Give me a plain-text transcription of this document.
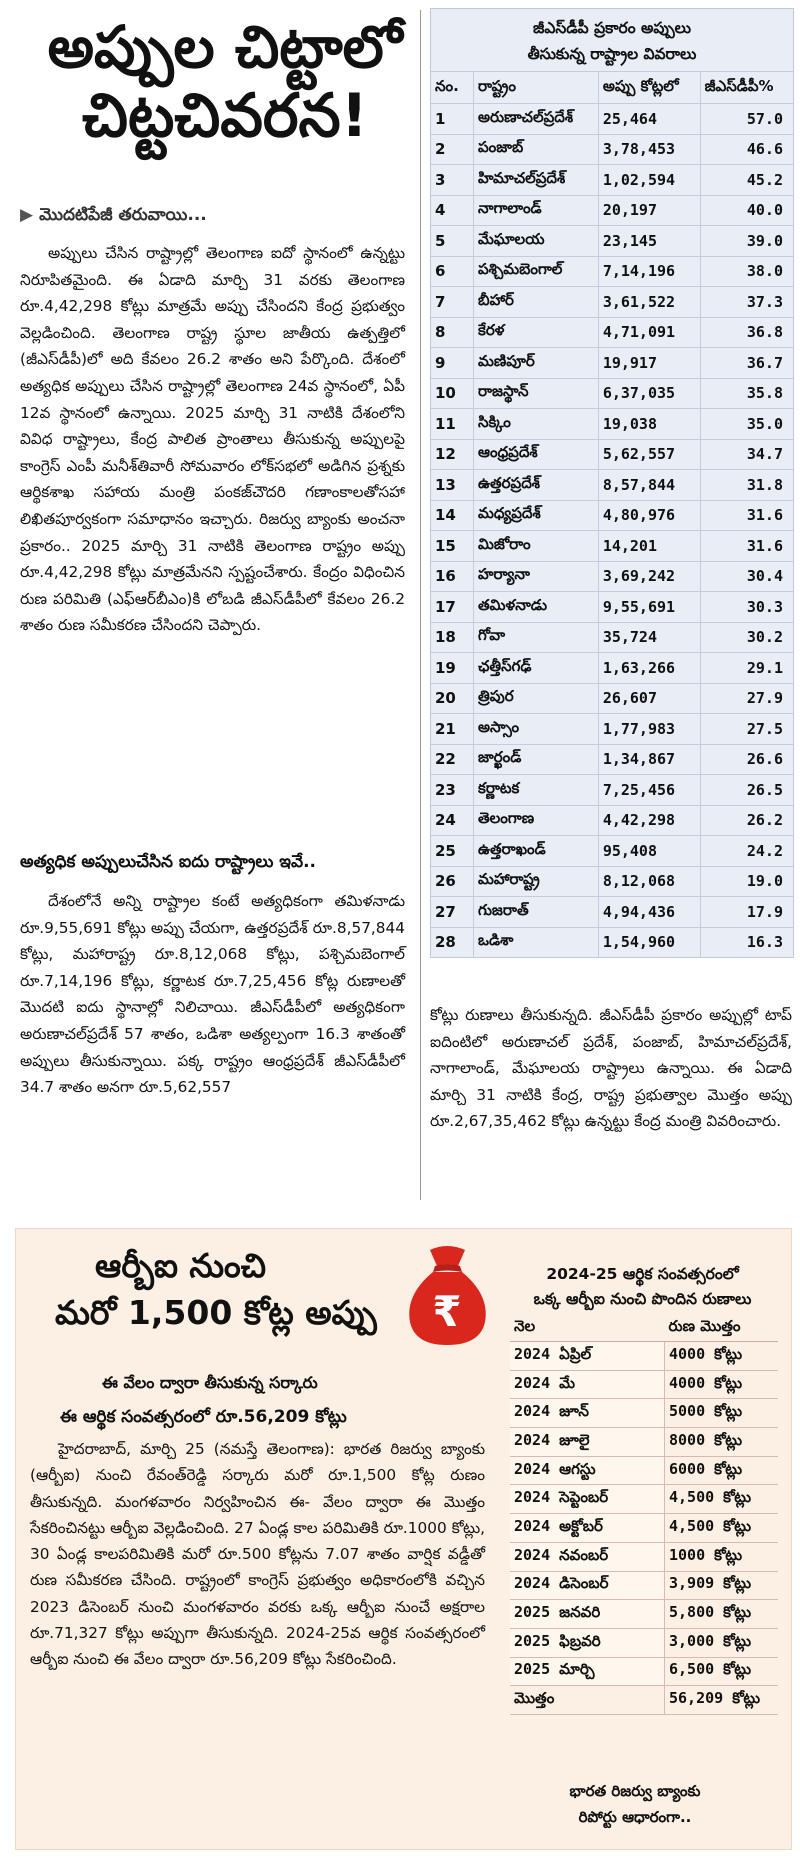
అప్పుల చిట్టాలో
చిట్టచివరన!
▶ మొదటిపేజీ తరువాయి...

అప్పులు చేసిన రాష్ట్రాల్లో తెలంగాణ ఐదో స్థానంలో ఉన్నట్టు నిరూపితమైంది. ఈ ఏడాది మార్చి 31 వరకు తెలంగాణ రూ.4,42,298 కోట్లు మాత్రమే అప్పు చేసిందని కేంద్ర ప్రభుత్వం వెల్లడించింది. తెలంగాణ రాష్ట్ర స్థూల జాతీయ ఉత్పత్తిలో (జీఎస్‌డీపీ)లో అది కేవలం 26.2 శాతం అని పేర్కొంది. దేశంలో అత్యధిక అప్పులు చేసిన రాష్ట్రాల్లో తెలంగాణ 24వ స్థానంలో, ఏపీ 12వ స్థానంలో ఉన్నాయి. 2025 మార్చి 31 నాటికి దేశంలోని వివిధ రాష్ట్రాలు, కేంద్ర పాలిత ప్రాంతాలు తీసుకున్న అప్పులపై కాంగ్రెస్ ఎంపీ మనీశ్‌తివారీ సోమవారం లోక్‌సభలో అడిగిన ప్రశ్నకు ఆర్థికశాఖ సహాయ మంత్రి పంకజ్‌చౌదరి గణాంకాలతోసహా లిఖితపూర్వకంగా సమాధానం ఇచ్చారు. రిజర్వు బ్యాంకు అంచనా ప్రకారం.. 2025 మార్చి 31 నాటికి తెలంగాణ రాష్ట్రం అప్పు రూ.4,42,298 కోట్లు మాత్రమేనని స్పష్టంచేశారు. కేంద్రం విధించిన రుణ పరిమితి (ఎఫ్ఆర్‌బీఎం)కి లోబడి జీఎస్‌డీపీలో కేవలం 26.2 శాతం రుణ సమీకరణ చేసిందని చెప్పారు.

అత్యధిక అప్పులుచేసిన ఐదు రాష్ట్రాలు ఇవే..

దేశంలోనే అన్ని రాష్ట్రాల కంటే అత్యధికంగా తమిళనాడు రూ.9,55,691 కోట్లు అప్పు చేయగా, ఉత్తరప్రదేశ్ రూ.8,57,844 కోట్లు, మహారాష్ట్ర రూ.8,12,068 కోట్లు, పశ్చిమబెంగాల్ రూ.7,14,196 కోట్లు, కర్ణాటక రూ.7,25,456 కోట్ల రుణాలతో మొదటి ఐదు స్థానాల్లో నిలిచాయి. జీఎస్‌డీపీలో అత్యధికంగా అరుణాచల్‌ప్రదేశ్ 57 శాతం, ఒడిశా అత్యల్పంగా 16.3 శాతంతో అప్పులు తీసుకున్నాయి. పక్క రాష్ట్రం ఆంధ్రప్రదేశ్ జీఎస్‌డీపీలో 34.7 శాతం అనగా రూ.5,62,557

జీఎస్‌డీపీ ప్రకారం అప్పులు
తీసుకున్న రాష్ట్రాల వివరాలు
నం.	రాష్ట్రం	అప్పు కోట్లలో	జీఎస్‌డీపీ%
1	అరుణాచల్‌ప్రదేశ్	25,464	57.0
2	పంజాబ్	3,78,453	46.6
3	హిమాచల్‌ప్రదేశ్	1,02,594	45.2
4	నాగాలాండ్	20,197	40.0
5	మేఘాలయ	23,145	39.0
6	పశ్చిమబెంగాల్	7,14,196	38.0
7	బీహార్	3,61,522	37.3
8	కేరళ	4,71,091	36.8
9	మణిపూర్	19,917	36.7
10	రాజస్థాన్	6,37,035	35.8
11	సిక్కిం	19,038	35.0
12	ఆంధ్రప్రదేశ్	5,62,557	34.7
13	ఉత్తరప్రదేశ్	8,57,844	31.8
14	మధ్యప్రదేశ్	4,80,976	31.6
15	మిజోరాం	14,201	31.6
16	హర్యానా	3,69,242	30.4
17	తమిళనాడు	9,55,691	30.3
18	గోవా	35,724	30.2
19	ఛత్తీస్‌గఢ్	1,63,266	29.1
20	త్రిపుర	26,607	27.9
21	అస్సాం	1,77,983	27.5
22	జార్ఖండ్	1,34,867	26.6
23	కర్ణాటక	7,25,456	26.5
24	తెలంగాణ	4,42,298	26.2
25	ఉత్తరాఖండ్	95,408	24.2
26	మహారాష్ట్ర	8,12,068	19.0
27	గుజరాత్	4,94,436	17.9
28	ఒడిశా	1,54,960	16.3

కోట్లు రుణాలు తీసుకున్నది. జీఎస్‌డీపీ ప్రకారం అప్పుల్లో టాప్ ఐదింటిలో అరుణాచల్ ప్రదేశ్, పంజాబ్, హిమాచల్‌ప్రదేశ్, నాగాలాండ్, మేఘాలయ రాష్ట్రాలు ఉన్నాయి. ఈ ఏడాది మార్చి 31 నాటికి కేంద్ర, రాష్ట్ర ప్రభుత్వాల మొత్తం అప్పు రూ.2,67,35,462 కోట్లు ఉన్నట్టు కేంద్ర మంత్రి వివరించారు.

ఆర్బీఐ నుంచి
మరో 1,500 కోట్ల అప్పు ₹
ఈ వేలం ద్వారా తీసుకున్న సర్కారు
ఈ ఆర్థిక సంవత్సరంలో రూ.56,209 కోట్లు

హైదరాబాద్, మార్చి 25 (నమస్తే తెలంగాణ): భారత రిజర్వు బ్యాంకు (ఆర్బీఐ) నుంచి రేవంత్‌రెడ్డి సర్కారు మరో రూ.1,500 కోట్ల రుణం తీసుకున్నది. మంగళవారం నిర్వహించిన ఈ- వేలం ద్వారా ఈ మొత్తం సేకరించినట్టు ఆర్బీఐ వెల్లడించింది. 27 ఏండ్ల కాల పరిమితికి రూ.1000 కోట్లు, 30 ఏండ్ల కాలపరిమితికి మరో రూ.500 కోట్లను 7.07 శాతం వార్షిక వడ్డీతో రుణ సమీకరణ చేసింది. రాష్ట్రంలో కాంగ్రెస్ ప్రభుత్వం అధికారంలోకి వచ్చిన 2023 డిసెంబర్ నుంచి మంగళవారం వరకు ఒక్క ఆర్బీఐ నుంచే అక్షరాల రూ.71,327 కోట్లు అప్పుగా తీసుకున్నది. 2024-25వ ఆర్థిక సంవత్సరంలో ఆర్బీఐ నుంచి ఈ వేలం ద్వారా రూ.56,209 కోట్లు సేకరించింది.

2024-25 ఆర్థిక సంవత్సరంలో
ఒక్క ఆర్బీఐ నుంచి పొందిన రుణాలు
నెల	రుణ మొత్తం
2024 ఏప్రిల్	4000 కోట్లు
2024 మే	4000 కోట్లు
2024 జూన్	5000 కోట్లు
2024 జూలై	8000 కోట్లు
2024 ఆగస్టు	6000 కోట్లు
2024 సెప్టెంబర్	4,500 కోట్లు
2024 అక్టోబర్	4,500 కోట్లు
2024 నవంబర్	1000 కోట్లు
2024 డిసెంబర్	3,909 కోట్లు
2025 జనవరి	5,800 కోట్లు
2025 ఫిబ్రవరి	3,000 కోట్లు
2025 మార్చి	6,500 కోట్లు
మొత్తం	56,209 కోట్లు
భారత రిజర్వు బ్యాంకు
రిపోర్టు ఆధారంగా..
